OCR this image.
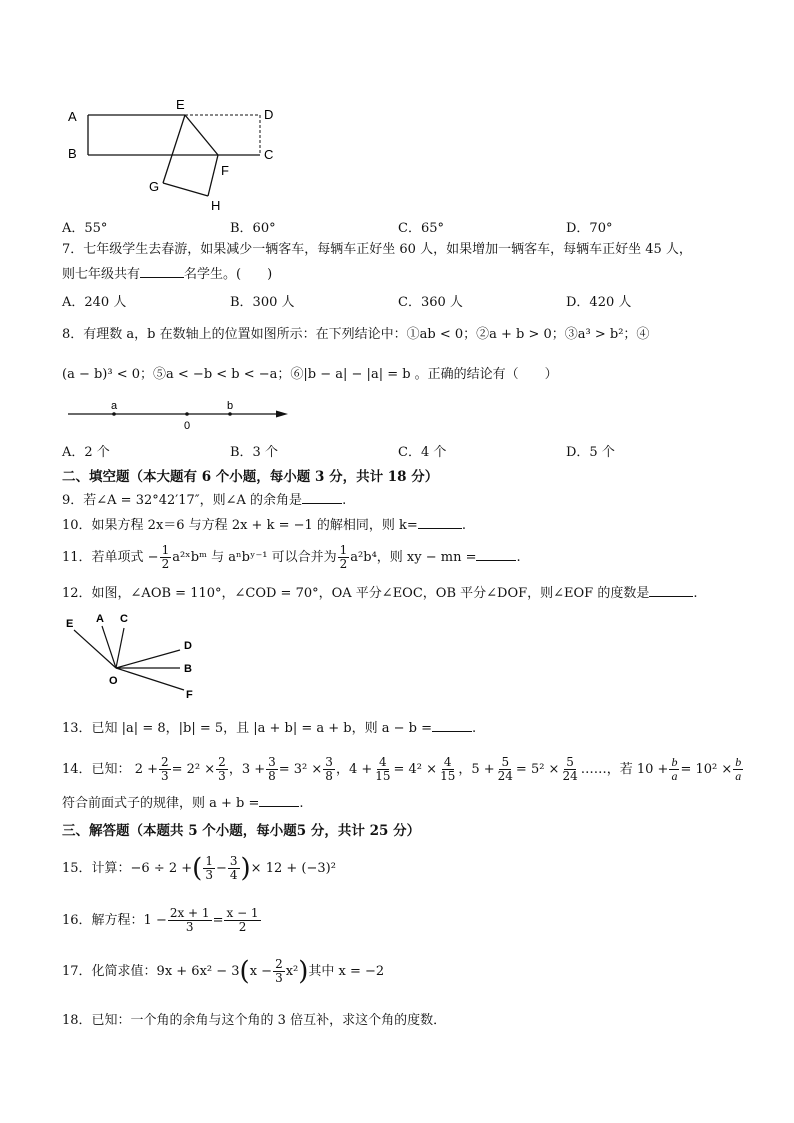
A
B
E
D
C
F
G
H
A．55°	B．60°	C．65°	D．70°
7．七年级学生去春游，如果减少一辆客车，每辆车正好坐 60 人，如果增加一辆客车，每辆车正好坐 45 人，
则七年级共有	名学生。(　　)
A．240 人	B．300 人	C．360 人	D．420 人
8．有理数 a，b 在数轴上的位置如图所示：在下列结论中：①ab < 0；②a + b > 0；③a³ > b²；④
(a − b)³ < 0；⑤a < −b < b < −a；⑥|b − a| − |a| = b 。正确的结论有（　　）
a
0
b
A．2 个	B．3 个	C．4 个	D．5 个
二、填空题（本大题有 6 个小题，每小题 3 分，共计 18 分）
9．若∠A = 32°42′17″，则∠A 的余角是	.
10．如果方程 2x＝6 与方程 2x + k = −1 的解相同，则 k=	.
11．若单项式 − $\frac{1}{2}$ a²ˣbᵐ 与 aⁿbʸ⁻¹ 可以合并为 $\frac{1}{2} a^2b^4$，则 xy − mn =	.
12．如图，∠AOB = 110°，∠COD = 70°，OA 平分∠EOC，OB 平分∠DOF，则∠EOF 的度数是	.
E A C
D
B
O
F
13．已知 |a| = 8，|b| = 5，且 |a + b| = a + b，则 a − b =	.
14．已知： $2 + \frac{2}{3} = 2^2 \times \frac{2}{3}$ ，$3 + \frac{3}{8} = 3^2 \times \frac{3}{8}$ ，$4 + \frac{4}{15} = 4^2 \times \frac{4}{15}$ ，$5 + \frac{5}{24} = 5^2 \times \frac{5}{24}$ ……，若 $10 + \frac{b}{a} = 10^2 \times \frac{b}{a}$
符合前面式子的规律，则 a + b =	.
三、解答题（本题共 5 个小题，每小题5 分，共计 25 分）
15．计算：−6 ÷ 2 +( $\frac{1}{3} - \frac{3}{4}$ )× 12 + (−3)²
16．解方程：$1 - \frac{2x + 1}{3} = \frac{x - 1}{2}$
17．化简求值：$9x + 6x^2 - 3(x - \frac{2}{3} x^2)$其中 x = −2
18．已知：一个角的余角与这个角的 3 倍互补，求这个角的度数．
